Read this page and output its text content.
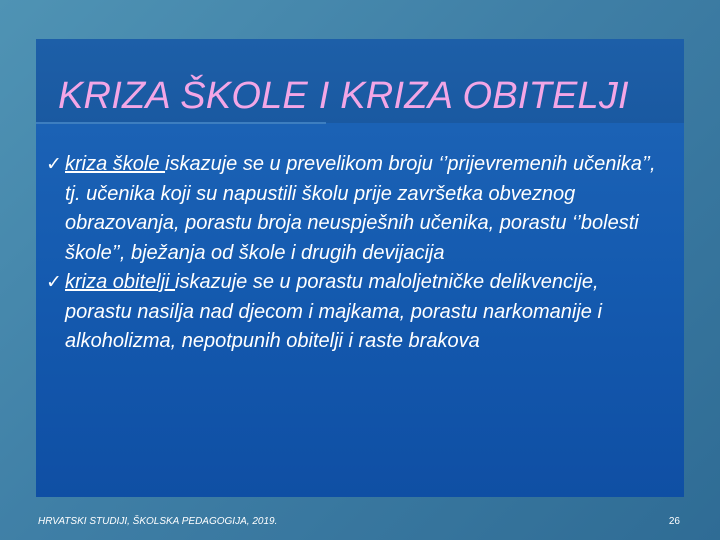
KRIZA ŠKOLE I KRIZA OBITELJI
✓ kriza škole iskazuje se u prevelikom broju ‘’prijevremenih učenika’’, tj. učenika koji su napustili školu prije završetka obveznog obrazovanja, porastu broja neuspješnih učenika, porastu ‘’bolesti škole’’, bježanja od škole i drugih devijacija
✓ kriza obitelji iskazuje se u porastu maloljetničke delikvencije, porastu nasilja nad djecom i majkama, porastu narkomanije i alkoholizma, nepotpunih obitelji i raste brakova

HRVATSKI STUDIJI, ŠKOLSKA PEDAGOGIJA, 2019.	26
